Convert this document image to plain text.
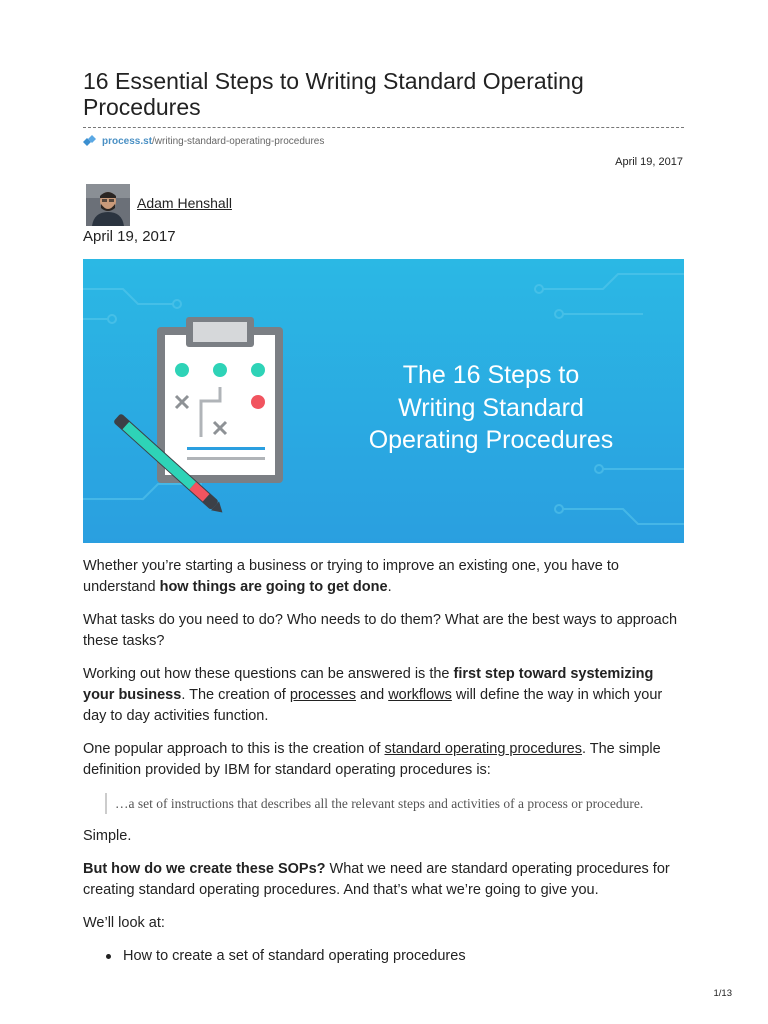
16 Essential Steps to Writing Standard Operating Procedures
process.st /writing-standard-operating-procedures
April 19, 2017
Adam Henshall
April 19, 2017
The 16 Steps to
Writing Standard
Operating Procedures

Whether you’re starting a business or trying to improve an existing one, you have to understand how things are going to get done.

What tasks do you need to do? Who needs to do them? What are the best ways to approach these tasks?

Working out how these questions can be answered is the first step toward systemizing your business. The creation of processes and workflows will define the way in which your day to day activities function.

One popular approach to this is the creation of standard operating procedures. The simple definition provided by IBM for standard operating procedures is:

…a set of instructions that describes all the relevant steps and activities of a process or procedure.

Simple.

But how do we create these SOPs? What we need are standard operating procedures for creating standard operating procedures. And that’s what we’re going to give you.

We’ll look at:

How to create a set of standard operating procedures
1/13
